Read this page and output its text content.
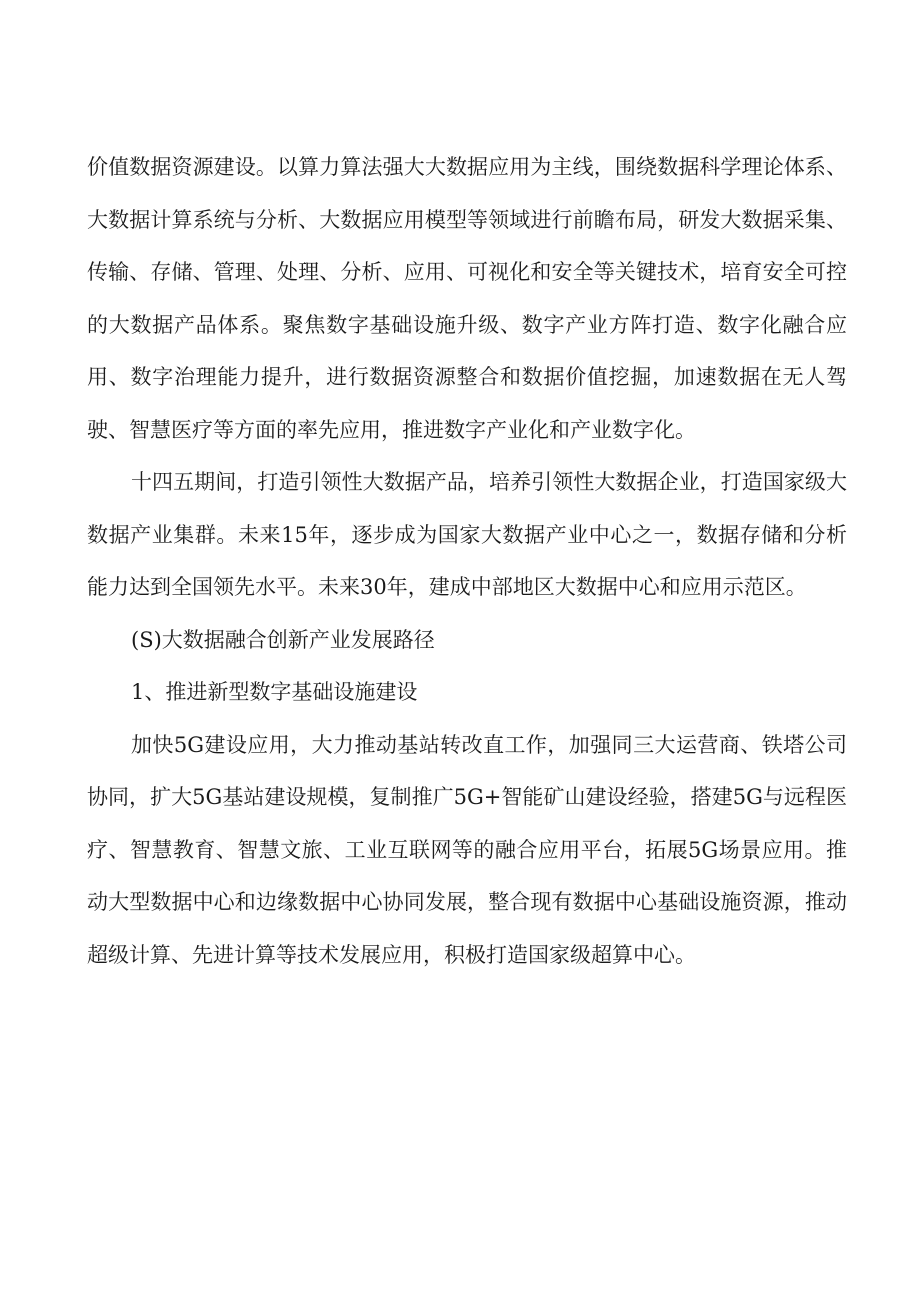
价值数据资源建设。以算力算法强大大数据应用为主线，围绕数据科学理论体系、大数据计算系统与分析、大数据应用模型等领域进行前瞻布局，研发大数据采集、传输、存储、管理、处理、分析、应用、可视化和安全等关键技术，培育安全可控的大数据产品体系。聚焦数字基础设施升级、数字产业方阵打造、数字化融合应用、数字治理能力提升，进行数据资源整合和数据价值挖掘，加速数据在无人驾驶、智慧医疗等方面的率先应用，推进数字产业化和产业数字化。

十四五期间，打造引领性大数据产品，培养引领性大数据企业，打造国家级大数据产业集群。未来15年，逐步成为国家大数据产业中心之一，数据存储和分析能力达到全国领先水平。未来30年，建成中部地区大数据中心和应用示范区。

(S)大数据融合创新产业发展路径

1、推进新型数字基础设施建设

加快5G建设应用，大力推动基站转改直工作，加强同三大运营商、铁塔公司协同，扩大5G基站建设规模，复制推广5G+智能矿山建设经验，搭建5G与远程医疗、智慧教育、智慧文旅、工业互联网等的融合应用平台，拓展5G场景应用。推动大型数据中心和边缘数据中心协同发展，整合现有数据中心基础设施资源，推动超级计算、先进计算等技术发展应用，积极打造国家级超算中心。
